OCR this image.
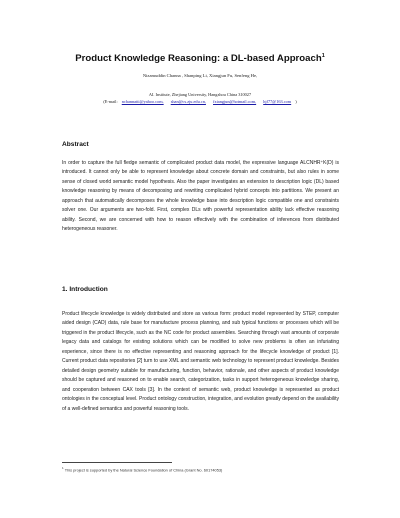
Product Knowledge Reasoning: a DL-based Approach$^1$
Nizamuddin Channa , Shanping Li, Xiangjun Fu, Senfeng He,
AI. Institute, Zhejiang University, Hangzhou China 310027
(E-mail: nchannatti@yahoo.com, shan@cs.zju.edu.cn, fxiangjun@hotmail.com, hjf77@163.com )
Abstract
In order to capture the full fledge semantic of complicated product data model, the expressive language ALCNHR⁺K(D) is introduced. It cannot only be able to represent knowledge about concrete domain and constraints, but also rules in some sense of closed world semantic model hypothesis. Also the paper investigates an extension to description logic (DL) based knowledge reasoning by means of decomposing and rewriting complicated hybrid concepts into partitions. We present an approach that automatically decomposes the whole knowledge base into description logic compatible one and constraints solver one. Our arguments are two-fold. First, complex DLs with powerful representation ability lack effective reasoning ability. Second, we are concerned with how to reason effectively with the combination of inferences from distributed heterogeneous reasoner.
1. Introduction
Product lifecycle knowledge is widely distributed and store as various form: product model represented by STEP, computer aided design (CAD) data, rule base for manufacture process planning, and sub typical functions or processes which will be triggered in the product lifecycle, such as the NC code for product assembles. Searching through vast amounts of corporate legacy data and catalogs for existing solutions which can be modified to solve new problems is often an infuriating experience, since there is no effective representing and reasoning approach for the lifecycle knowledge of product [1]. Current product data repositories [2] turn to use XML and semantic web technology to represent product knowledge. Besides detailed design geometry suitable for manufacturing, function, behavior, rationale, and other aspects of product knowledge should be captured and reasoned on to enable search, categorization, tasks in support heterogeneous knowledge sharing, and cooperation between CAX tools [3]. In the context of semantic web, product knowledge is represented as product ontologies in the conceptual level. Product ontology construction, integration, and evolution greatly depend on the availability of a well-defined semantics and powerful reasoning tools.
$^1$ This project is supported by the Natural Science Foundation of China (Grant No. 60174053)
